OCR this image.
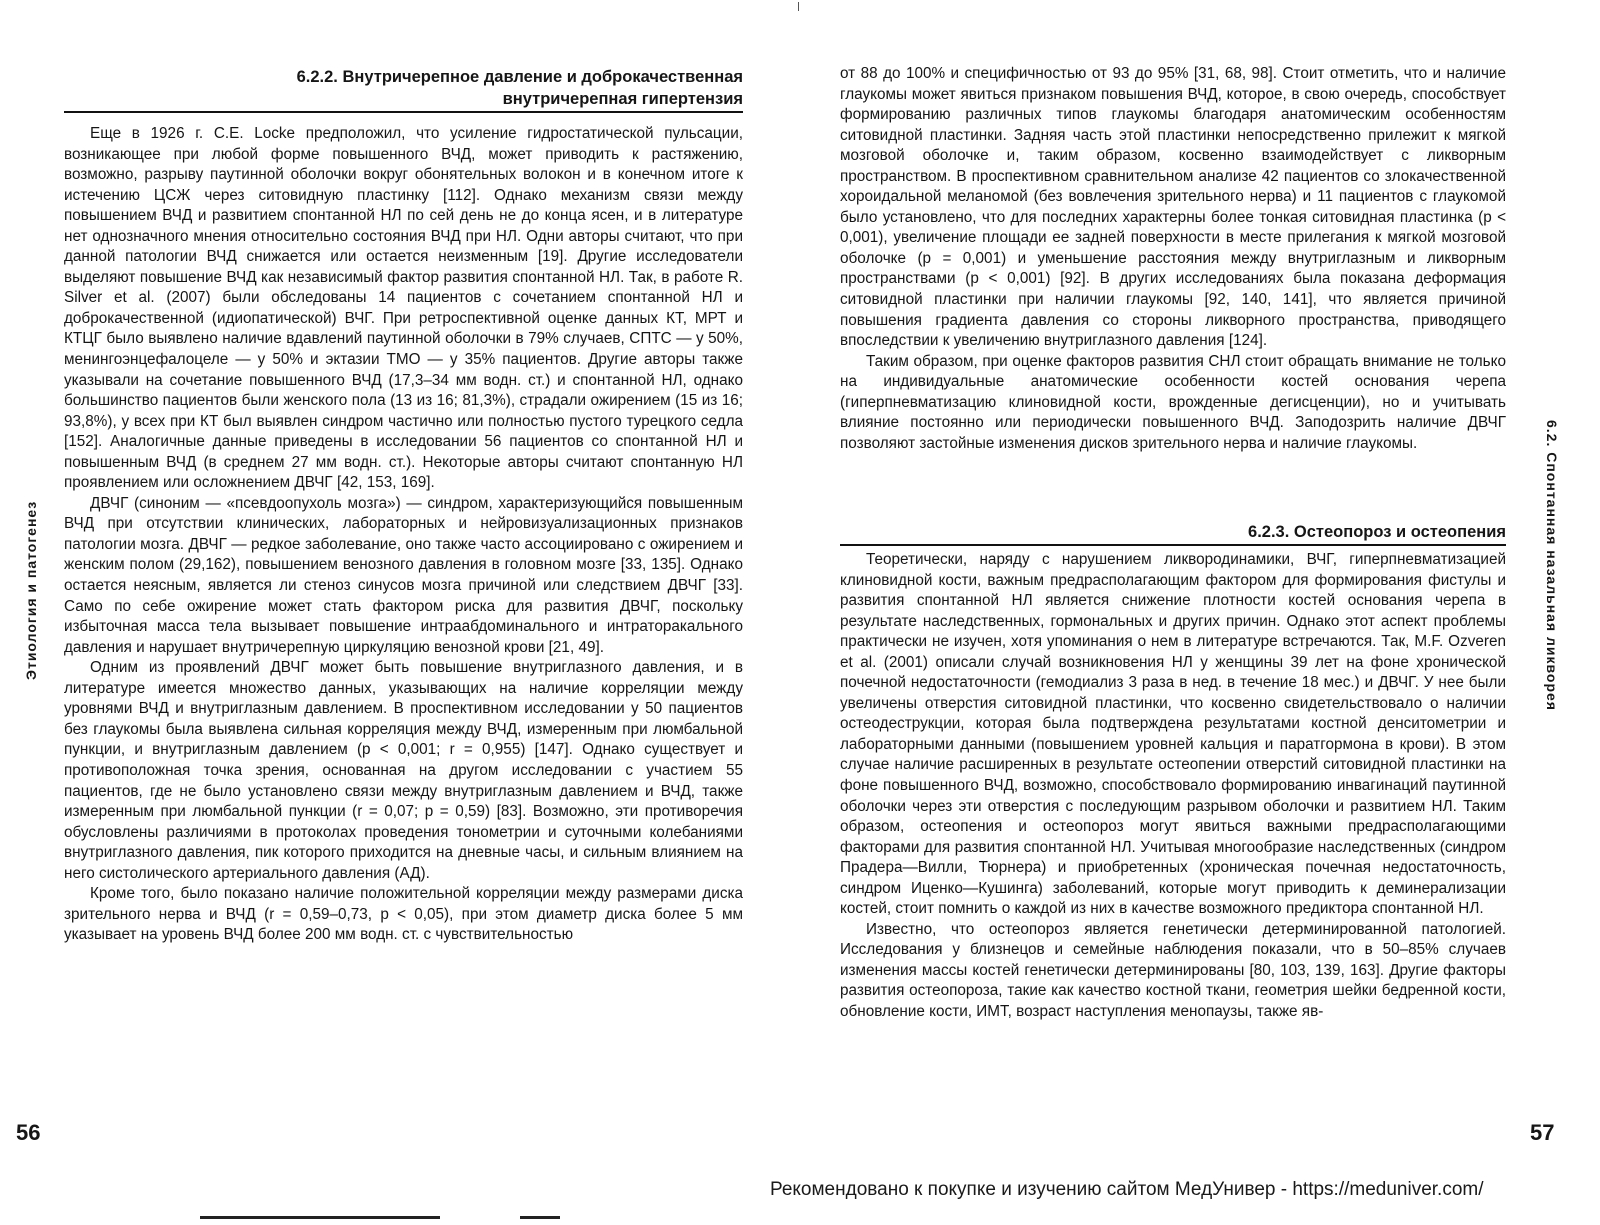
6.2.2. Внутричерепное давление и доброкачественная
внутричерепная гипертензия

Еще в 1926 г. С.Е. Locke предположил, что усиление гидростатической пульсации, возникающее при любой форме повышенного ВЧД, может приводить к растяжению, возможно, разрыву паутинной оболочки вокруг обонятельных волокон и в конечном итоге к истечению ЦСЖ через ситовидную пластинку [112]. Однако механизм связи между повышением ВЧД и развитием спонтанной НЛ по сей день не до конца ясен, и в литературе нет однозначного мнения относительно состояния ВЧД при НЛ. Одни авторы считают, что при данной патологии ВЧД снижается или остается неизменным [19]. Другие исследователи выделяют повышение ВЧД как независимый фактор развития спонтанной НЛ. Так, в работе R. Silver et al. (2007) были обследованы 14 пациентов с сочетанием спонтанной НЛ и доброкачественной (идиопатической) ВЧГ. При ретроспективной оценке данных КТ, МРТ и КТЦГ было выявлено наличие вдавлений паутинной оболочки в 79% случаев, СПТС — у 50%, менингоэнцефалоцеле — у 50% и эктазии ТМО — у 35% пациентов. Другие авторы также указывали на сочетание повышенного ВЧД (17,3–34 мм водн. ст.) и спонтанной НЛ, однако большинство пациентов были женского пола (13 из 16; 81,3%), страдали ожирением (15 из 16; 93,8%), у всех при КТ был выявлен синдром частично или полностью пустого турецкого седла [152]. Аналогичные данные приведены в исследовании 56 пациентов со спонтанной НЛ и повышенным ВЧД (в среднем 27 мм водн. ст.). Некоторые авторы считают спонтанную НЛ проявлением или осложнением ДВЧГ [42, 153, 169].

ДВЧГ (синоним — «псевдоопухоль мозга») — синдром, характеризующийся повышенным ВЧД при отсутствии клинических, лабораторных и нейровизуализационных признаков патологии мозга. ДВЧГ — редкое заболевание, оно также часто ассоциировано с ожирением и женским полом (29,162), повышением венозного давления в головном мозге [33, 135]. Однако остается неясным, является ли стеноз синусов мозга причиной или следствием ДВЧГ [33]. Само по себе ожирение может стать фактором риска для развития ДВЧГ, поскольку избыточная масса тела вызывает повышение интраабдоминального и интраторакального давления и нарушает внутричерепную циркуляцию венозной крови [21, 49].

Одним из проявлений ДВЧГ может быть повышение внутриглазного давления, и в литературе имеется множество данных, указывающих на наличие корреляции между уровнями ВЧД и внутриглазным давлением. В проспективном исследовании у 50 пациентов без глаукомы была выявлена сильная корреляция между ВЧД, измеренным при люмбальной пункции, и внутриглазным давлением (p < 0,001; r = 0,955) [147]. Однако существует и противоположная точка зрения, основанная на другом исследовании с участием 55 пациентов, где не было установлено связи между внутриглазным давлением и ВЧД, также измеренным при люмбальной пункции (r = 0,07; p = 0,59) [83]. Возможно, эти противоречия обусловлены различиями в протоколах проведения тонометрии и суточными колебаниями внутриглазного давления, пик которого приходится на дневные часы, и сильным влиянием на него систолического артериального давления (АД).

Кроме того, было показано наличие положительной корреляции между размерами диска зрительного нерва и ВЧД (r = 0,59–0,73, p < 0,05), при этом диаметр диска более 5 мм указывает на уровень ВЧД более 200 мм водн. ст. с чувствительностью

Этиология и патогенез
56

от 88 до 100% и специфичностью от 93 до 95% [31, 68, 98]. Стоит отметить, что и наличие глаукомы может явиться признаком повышения ВЧД, которое, в свою очередь, способствует формированию различных типов глаукомы благодаря анатомическим особенностям ситовидной пластинки. Задняя часть этой пластинки непосредственно прилежит к мягкой мозговой оболочке и, таким образом, косвенно взаимодействует с ликворным пространством. В проспективном сравнительном анализе 42 пациентов со злокачественной хороидальной меланомой (без вовлечения зрительного нерва) и 11 пациентов с глаукомой было установлено, что для последних характерны более тонкая ситовидная пластинка (p < 0,001), увеличение площади ее задней поверхности в месте прилегания к мягкой мозговой оболочке (p = 0,001) и уменьшение расстояния между внутриглазным и ликворным пространствами (p < 0,001) [92]. В других исследованиях была показана деформация ситовидной пластинки при наличии глаукомы [92, 140, 141], что является причиной повышения градиента давления со стороны ликворного пространства, приводящего впоследствии к увеличению внутриглазного давления [124].

Таким образом, при оценке факторов развития СНЛ стоит обращать внимание не только на индивидуальные анатомические особенности костей основания черепа (гиперпневматизацию клиновидной кости, врожденные дегисценции), но и учитывать влияние постоянно или периодически повышенного ВЧД. Заподозрить наличие ДВЧГ позволяют застойные изменения дисков зрительного нерва и наличие глаукомы.

6.2.3. Остеопороз и остеопения

Теоретически, наряду с нарушением ликвородинамики, ВЧГ, гиперпневматизацией клиновидной кости, важным предрасполагающим фактором для формирования фистулы и развития спонтанной НЛ является снижение плотности костей основания черепа в результате наследственных, гормональных и других причин. Однако этот аспект проблемы практически не изучен, хотя упоминания о нем в литературе встречаются. Так, M.F. Ozveren et al. (2001) описали случай возникновения НЛ у женщины 39 лет на фоне хронической почечной недостаточности (гемодиализ 3 раза в нед. в течение 18 мес.) и ДВЧГ. У нее были увеличены отверстия ситовидной пластинки, что косвенно свидетельствовало о наличии остеодеструкции, которая была подтверждена результатами костной денситометрии и лабораторными данными (повышением уровней кальция и паратгормона в крови). В этом случае наличие расширенных в результате остеопении отверстий ситовидной пластинки на фоне повышенного ВЧД, возможно, способствовало формированию инвагинаций паутинной оболочки через эти отверстия с последующим разрывом оболочки и развитием НЛ. Таким образом, остеопения и остеопороз могут явиться важными предрасполагающими факторами для развития спонтанной НЛ. Учитывая многообразие наследственных (синдром Прадера—Вилли, Тюрнера) и приобретенных (хроническая почечная недостаточность, синдром Иценко—Кушинга) заболеваний, которые могут приводить к деминерализации костей, стоит помнить о каждой из них в качестве возможного предиктора спонтанной НЛ.

Известно, что остеопороз является генетически детерминированной патологией. Исследования у близнецов и семейные наблюдения показали, что в 50–85% случаев изменения массы костей генетически детерминированы [80, 103, 139, 163]. Другие факторы развития остеопороза, такие как качество костной ткани, геометрия шейки бедренной кости, обновление кости, ИМТ, возраст наступления менопаузы, также яв-

6.2. Спонтанная назальная ликворея
57
Рекомендовано к покупке и изучению сайтом МедУнивер - https://meduniver.com/
